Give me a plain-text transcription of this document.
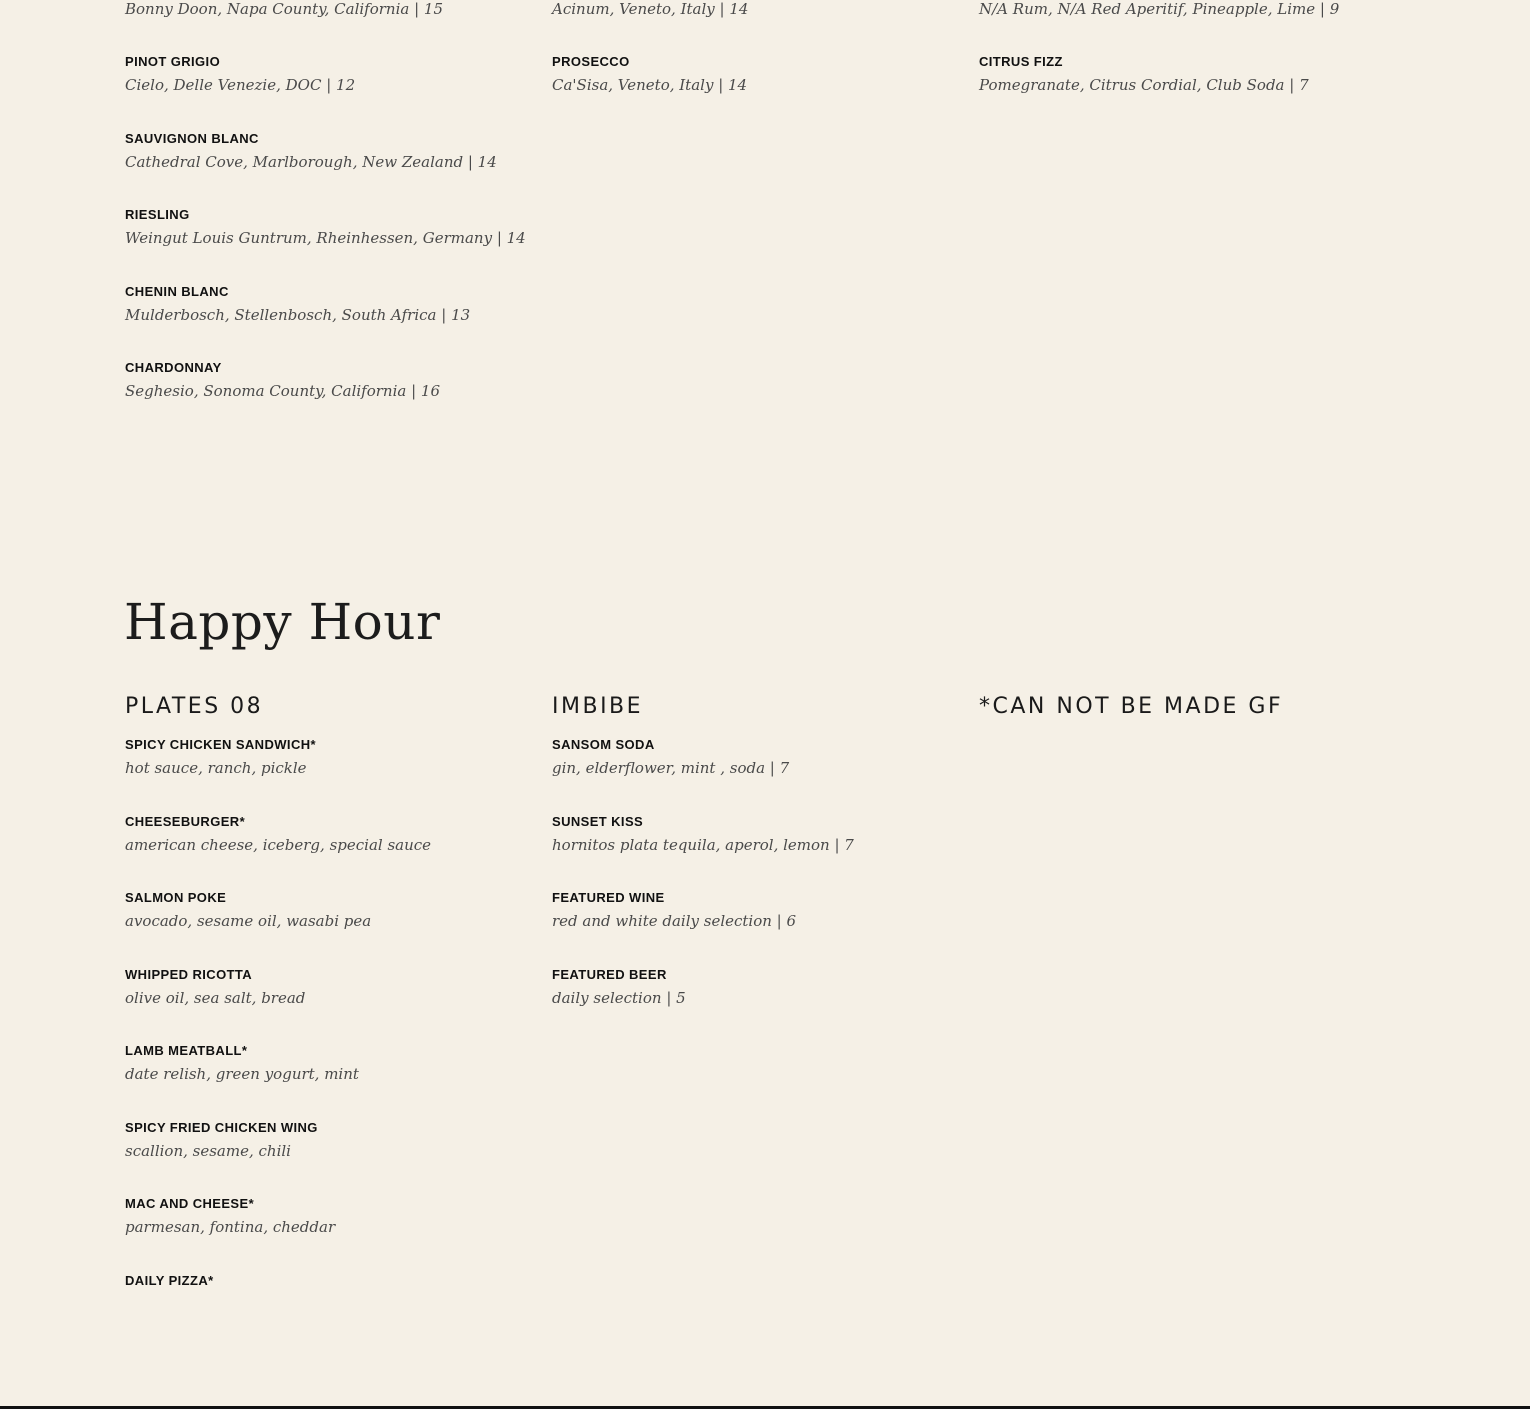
Bonny Doon, Napa County, California | 15
PINOT GRIGIO
Cielo, Delle Venezie, DOC | 12
SAUVIGNON BLANC
Cathedral Cove, Marlborough, New Zealand | 14
RIESLING
Weingut Louis Guntrum, Rheinhessen, Germany | 14
CHENIN BLANC
Mulderbosch, Stellenbosch, South Africa | 13
CHARDONNAY
Seghesio, Sonoma County, California | 16
Acinum, Veneto, Italy | 14
PROSECCO
Ca'Sisa, Veneto, Italy | 14
N/A Rum, N/A Red Aperitif, Pineapple, Lime | 9
CITRUS FIZZ
Pomegranate, Citrus Cordial, Club Soda | 7
Happy Hour
PLATES 08
SPICY CHICKEN SANDWICH*
hot sauce, ranch, pickle
CHEESEBURGER*
american cheese, iceberg, special sauce
SALMON POKE
avocado, sesame oil, wasabi pea
WHIPPED RICOTTA
olive oil, sea salt, bread
LAMB MEATBALL*
date relish, green yogurt, mint
SPICY FRIED CHICKEN WING
scallion, sesame, chili
MAC AND CHEESE*
parmesan, fontina, cheddar
DAILY PIZZA*
IMBIBE
SANSOM SODA
gin, elderflower, mint , soda | 7
SUNSET KISS
hornitos plata tequila, aperol, lemon | 7
FEATURED WINE
red and white daily selection | 6
FEATURED BEER
daily selection | 5
*CAN NOT BE MADE GF
